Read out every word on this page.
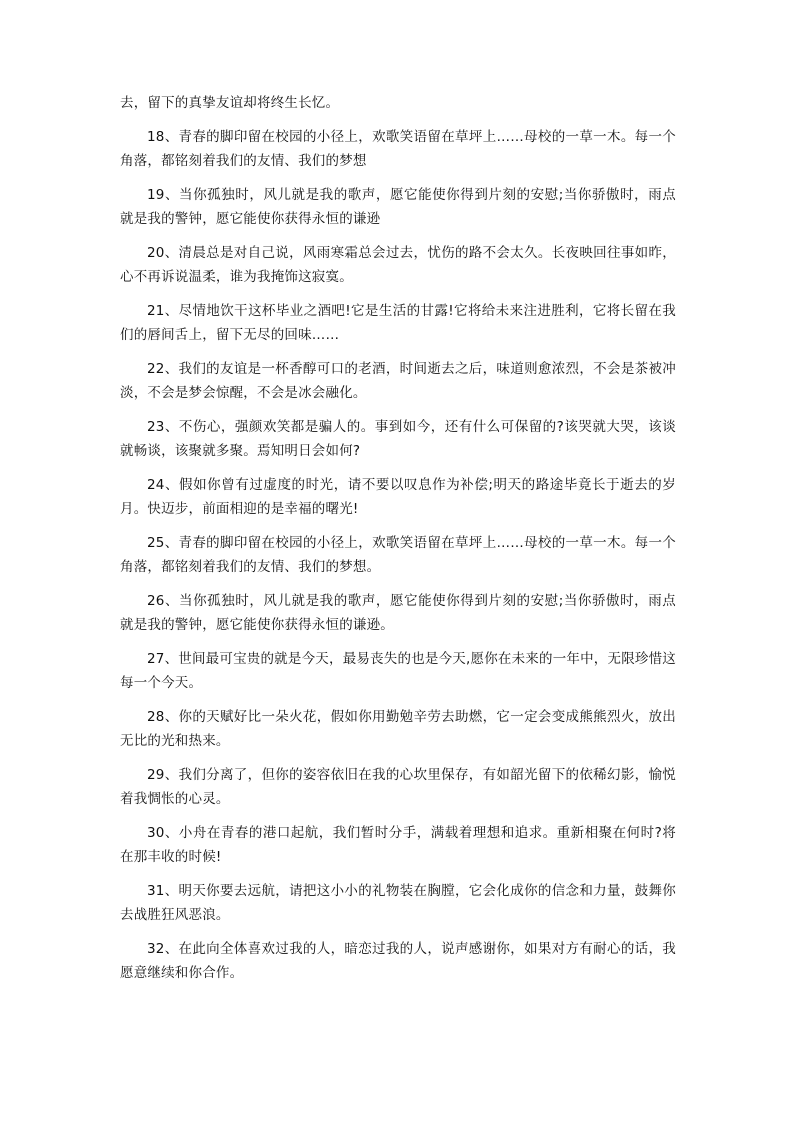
去，留下的真挚友谊却将终生长忆。

18、青春的脚印留在校园的小径上，欢歌笑语留在草坪上……母校的一草一木。每一个角落，都铭刻着我们的友情、我们的梦想

19、当你孤独时，风儿就是我的歌声，愿它能使你得到片刻的安慰;当你骄傲时，雨点就是我的警钟，愿它能使你获得永恒的谦逊

20、清晨总是对自己说，风雨寒霜总会过去，忧伤的路不会太久。长夜映回往事如昨，心不再诉说温柔，谁为我掩饰这寂寞。

21、尽情地饮干这杯毕业之酒吧!它是生活的甘露!它将给未来注进胜利，它将长留在我们的唇间舌上，留下无尽的回味……

22、我们的友谊是一杯香醇可口的老酒，时间逝去之后，味道则愈浓烈，不会是茶被冲淡，不会是梦会惊醒，不会是冰会融化。

23、不伤心，强颜欢笑都是骗人的。事到如今，还有什么可保留的?该哭就大哭，该谈就畅谈，该聚就多聚。焉知明日会如何?

24、假如你曾有过虚度的时光，请不要以叹息作为补偿;明天的路途毕竟长于逝去的岁月。快迈步，前面相迎的是幸福的曙光!

25、青春的脚印留在校园的小径上，欢歌笑语留在草坪上……母校的一草一木。每一个角落，都铭刻着我们的友情、我们的梦想。

26、当你孤独时，风儿就是我的歌声，愿它能使你得到片刻的安慰;当你骄傲时，雨点就是我的警钟，愿它能使你获得永恒的谦逊。

27、世间最可宝贵的就是今天，最易丧失的也是今天,愿你在未来的一年中，无限珍惜这每一个今天。

28、你的天赋好比一朵火花，假如你用勤勉辛劳去助燃，它一定会变成熊熊烈火，放出无比的光和热来。

29、我们分离了，但你的姿容依旧在我的心坎里保存，有如韶光留下的依稀幻影，愉悦着我惆怅的心灵。

30、小舟在青春的港口起航，我们暂时分手，满载着理想和追求。重新相聚在何时?将在那丰收的时候!

31、明天你要去远航，请把这小小的礼物装在胸膛，它会化成你的信念和力量，鼓舞你去战胜狂风恶浪。

32、在此向全体喜欢过我的人，暗恋过我的人，说声感谢你，如果对方有耐心的话，我愿意继续和你合作。
